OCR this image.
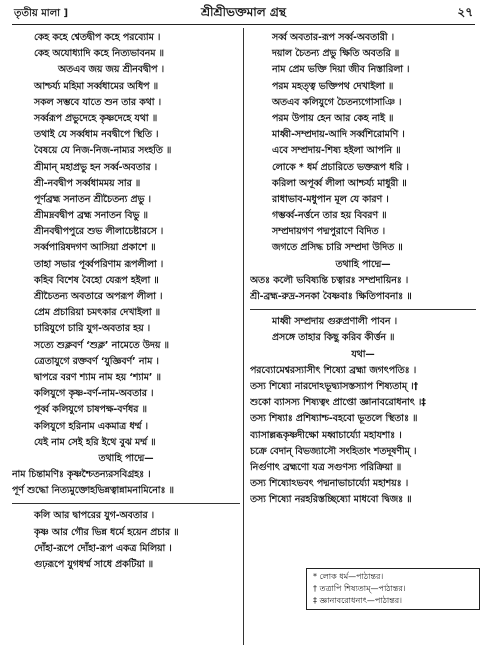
তৃতীয় মালা ]	শ্রীশ্রীভক্তমাল গ্রন্থ	২৭
কেহ কহে শ্বেতদ্বীপ কহে পরব্যোম ।
কেহ অযোধ্যাদি কহে নিত্যভাবনম ॥
অতএব জয় জয় শ্রীনবদ্বীপ ।
আশ্চর্য্য মহিমা সর্ব্বধামের অধিপ ॥
সকল সম্ভবে যাতে শুন তার কথা ।
সর্ব্বরূপ প্রভুদেহে কৃষ্ণদেহে যথা ॥
তথাই যে সর্ব্বধাম নবদ্বীপে স্থিতি ।
বৈষয়ে যে নিজ-নিজ-নাম্যর সংহতি ॥
শ্রীমান্ মহাপ্রভু হন সর্ব্ব-অবতার ।
শ্রী-নবদ্বীপ সর্ব্বধামময় সার ॥
পূর্ণব্রহ্ম সনাতন শ্রীচৈতন্য প্রভু ।
শ্রীমদ্নবদ্বীপ ব্রহ্ম সনাতন বিভু ॥
শ্রীনবদ্বীপপুরে শুভ লীলাচেষ্টারসে ।
সর্ব্বপারিষদগণ আসিয়া প্রকাশে ॥
তাহা সভার পূর্ব্বপরিণাম রূপলীলা ।
কহিব বিশেষ বৈহো যেরূপ হইলা ॥
শ্রীচৈতন্য অবতারে অপরূপ লীলা ।
প্রেম প্রচারিয়া চমৎকার দেখাইলা ॥
চারিযুগে চারি যুগ-অবতার হয় ।
সত্যে শুক্লবর্ণ ‘শুক্ল’ নামেতে উদয় ॥
ত্রেতাযুগে রক্তবর্ণ ‘যুজ্ঞিবর্ণ’ নাম ।
দ্বাপরে বরণ শ্যাম নাম হয় ‘শ্যাম’ ॥
কলিযুগে কৃষ্ণ-বর্ণ-নাম-অবতার ।
পূর্ব্ব কলিযুগে চাষপক্ষ-বর্ণধর ॥
কলিযুগে হরিনাম একমাত্র ধর্ম্ম ।
যেই নাম সেই হরি ইথে বুঝ মর্ম্ম ॥
তথাহি পাদ্মে—
নাম চিন্তামণিঃ কৃষ্ণশ্চৈতন্যরসবিগ্রহঃ ।
পূর্ণ শুদ্ধো নিত্যমুক্তোহভিন্নত্বান্নামনামিনোঃ ॥
কলি আর দ্বাপরের যুগ-অবতার ।
কৃষ্ণ আর গৌর ভিন্ন ধর্মে হয়েন প্রচার ॥
দোঁহা-রূপে দোঁহা-রূপ একত্র মিলিয়া ।
গুঢ়রূপে যুগধর্ম্ম সাধে প্রকটিয়া ॥
সর্ব্ব অবতার-রূপ সর্ব্ব-অবতারী ।
দয়াল চৈতন্য প্রভু ক্ষিতি অবতরি ॥
নাম প্রেম ভক্তি দিয়া জীব নিস্তারিলা ।
পরম মহত্ত্ব ভক্তিপথ দেখাইলা ॥
অতএব কলিযুগে চৈতন্যগোসাঞি ।
পরম উপায় হেন আর কেহ নাই ॥
মাধ্বী-সম্প্রদায়-আদি সর্ব্বশিরোমণি ।
এবে সম্প্রদায়-শিষ্য হইলা আপনি ॥
লোকে * ধর্ম প্রচারিতে ভক্তরূপ ধরি ।
করিলা অপূর্ব্ব লীলা আশ্চর্য্য মাধুরী ॥
রাধাভাব-মধুপান মূল যে কারণ ।
গম্ভর্ব্ব-নর্ত্তনে তার হয় বিবরণ ॥
সম্প্রদায়গণ পদ্মপুরাণে বিদিত ।
জগতে প্রসিদ্ধ চারি সম্প্রদা উদিত ॥
তথাহি পাদ্মে—
অতঃ কলৌ ভবিষ্যন্তি চত্বারঃ সম্প্রদায়িনঃ ।
শ্রী-ব্রহ্ম-রুদ্র-সনকা বৈষ্ণবাঃ ক্ষিতিপাবনাঃ ॥
মাধ্বী সম্প্রদায় গুরুপ্রণালী পাবন ।
প্রসঙ্গে তাহার কিছু করিব কীর্ত্তন ॥
যথা—
পরব্যোমেশ্বরস্যাসীৎ শিষ্যো ব্রহ্মা জগৎপতিঃ ।
তস্য শিষ্যো নারদোঽভূদ্ব্যাসস্তস্যাপ শিষ্যতাম্ ।†
শুকো ব্যাসস্য শিষ্যত্বং প্রাপ্তো জ্ঞানাবরোধনাৎ ।‡
তস্য শিষ্যাঃ প্রশিষ্যাশ্চ-বহবো ভূতলে স্থিতাঃ ॥
ব্যাসাল্লব্ধকৃষ্ণদীক্ষো মধ্বাচার্য্যো মহাযশাঃ ।
চক্রে বেদান্ বিভজ্যাসৌ সংহিতাং শতদূষণীম্ ।
নির্গুণাৎ ব্রহ্মণো যত্র সগুণস্য পরিক্রিয়া ॥
তস্য শিষ্যোঽভবৎ পদ্মনাভাচার্য্যো মহাশয়ঃ ।
তস্য শিষ্যো নরহরিস্তচ্ছিষ্যো মাধবো দ্বিজঃ ॥
* লোক ধর্ম—পাঠান্তর।
† তত্রাপি শিষ্যতাম্—পাঠান্তর।
‡ জ্ঞানাবরোধনাৎ—পাঠান্তর।
